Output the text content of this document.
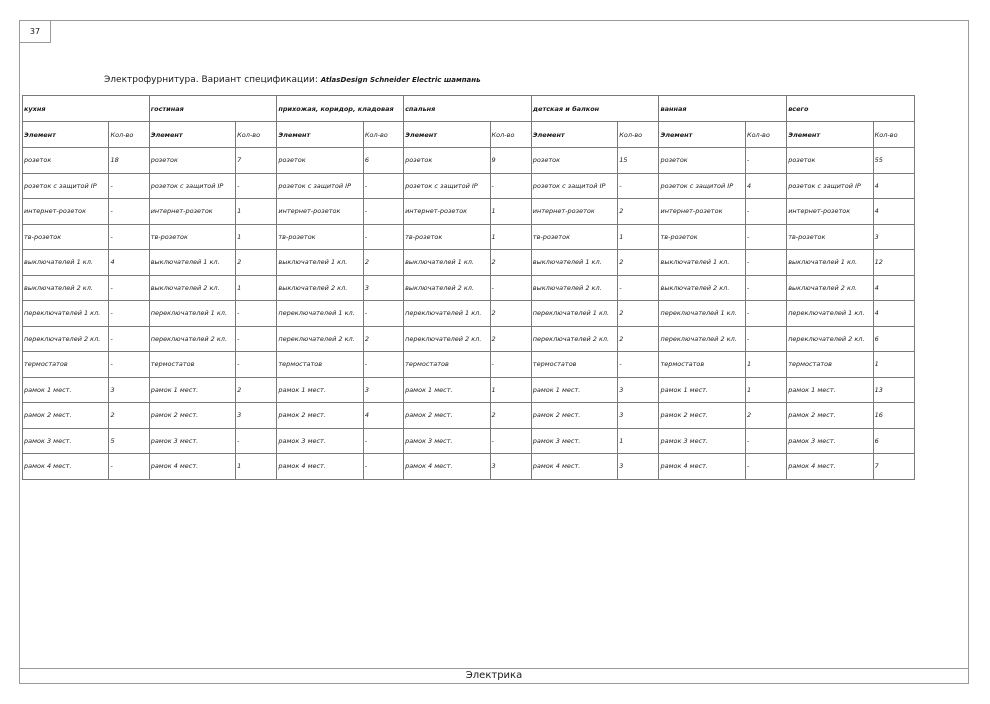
37
Электрофурнитура. Вариант спецификации: AtlasDesign Schneider Electric шампань
кухня		гостиная		прихожая, коридор, кладовая		спальня		детская и балкон		ванная		всего	
Элемент	Кол-во	Элемент	Кол-во	Элемент	Кол-во	Элемент	Кол-во	Элемент	Кол-во	Элемент	Кол-во	Элемент	Кол-во
розеток	18	розеток	7	розеток	6	розеток	9	розеток	15	розеток	-	розеток	55
розеток с защитой IP	-	розеток с защитой IP	-	розеток с защитой IP	-	розеток с защитой IP	-	розеток с защитой IP	-	розеток с защитой IP	4	розеток с защитой IP	4
интернет-розеток	-	интернет-розеток	1	интернет-розеток	-	интернет-розеток	1	интернет-розеток	2	интернет-розеток	-	интернет-розеток	4
тв-розеток	-	тв-розеток	1	тв-розеток	-	тв-розеток	1	тв-розеток	1	тв-розеток	-	тв-розеток	3
выключателей 1 кл.	4	выключателей 1 кл.	2	выключателей 1 кл.	2	выключателей 1 кл.	2	выключателей 1 кл.	2	выключателей 1 кл.	-	выключателей 1 кл.	12
выключателей 2 кл.	-	выключателей 2 кл.	1	выключателей 2 кл.	3	выключателей 2 кл.	-	выключателей 2 кл.	-	выключателей 2 кл.	-	выключателей 2 кл.	4
переключателей 1 кл.	-	переключателей 1 кл.	-	переключателей 1 кл.	-	переключателей 1 кл.	2	переключателей 1 кл.	2	переключателей 1 кл.	-	переключателей 1 кл.	4
переключателей 2 кл.	-	переключателей 2 кл.	-	переключателей 2 кл.	2	переключателей 2 кл.	2	переключателей 2 кл.	2	переключателей 2 кл.	-	переключателей 2 кл.	6
термостатов	-	термостатов	-	термостатов	-	термостатов	-	термостатов	-	термостатов	1	термостатов	1
рамок 1 мест.	3	рамок 1 мест.	2	рамок 1 мест.	3	рамок 1 мест.	1	рамок 1 мест.	3	рамок 1 мест.	1	рамок 1 мест.	13
рамок 2 мест.	2	рамок 2 мест.	3	рамок 2 мест.	4	рамок 2 мест.	2	рамок 2 мест.	3	рамок 2 мест.	2	рамок 2 мест.	16
рамок 3 мест.	5	рамок 3 мест.	-	рамок 3 мест.	-	рамок 3 мест.	-	рамок 3 мест.	1	рамок 3 мест.	-	рамок 3 мест.	6
рамок 4 мест.	-	рамок 4 мест.	1	рамок 4 мест.	-	рамок 4 мест.	3	рамок 4 мест.	3	рамок 4 мест.	-	рамок 4 мест.	7
Электрика
